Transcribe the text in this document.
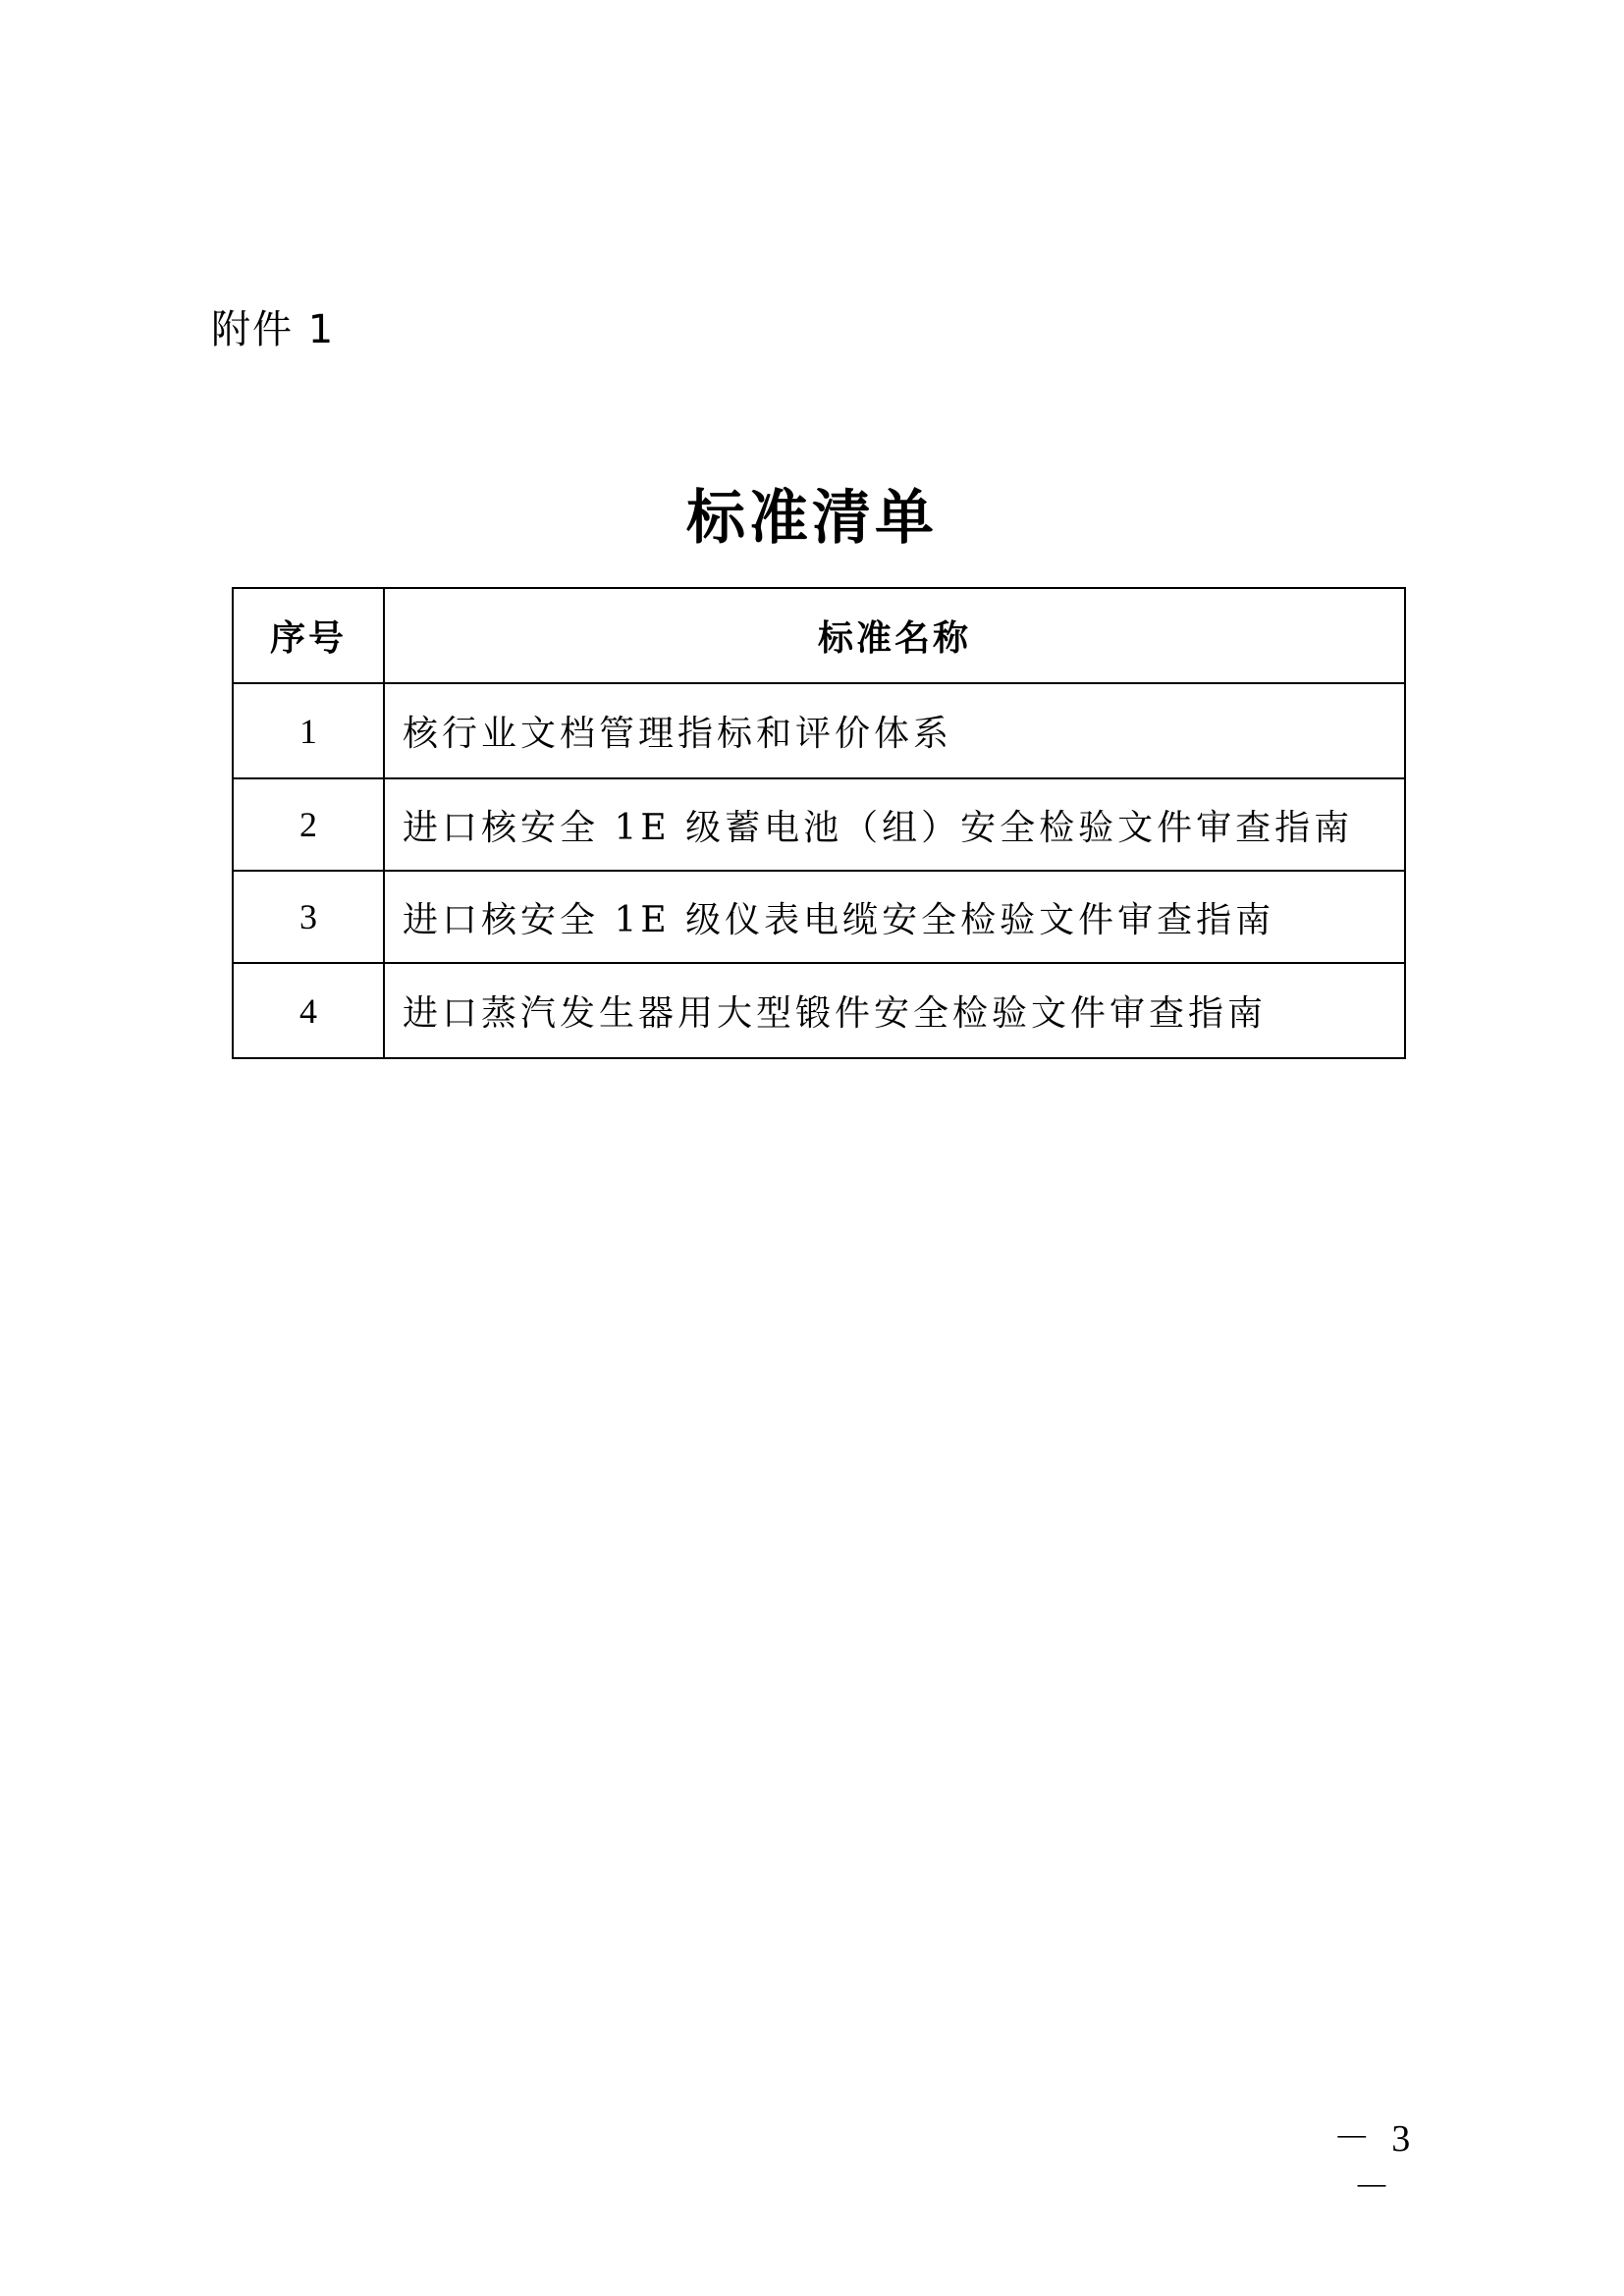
附件 1
标准清单
序号	标准名称
1	核行业文档管理指标和评价体系
2	进口核安全 1E 级蓄电池（组）安全检验文件审查指南
3	进口核安全 1E 级仪表电缆安全检验文件审查指南
4	进口蒸汽发生器用大型锻件安全检验文件审查指南
－ 3 －
